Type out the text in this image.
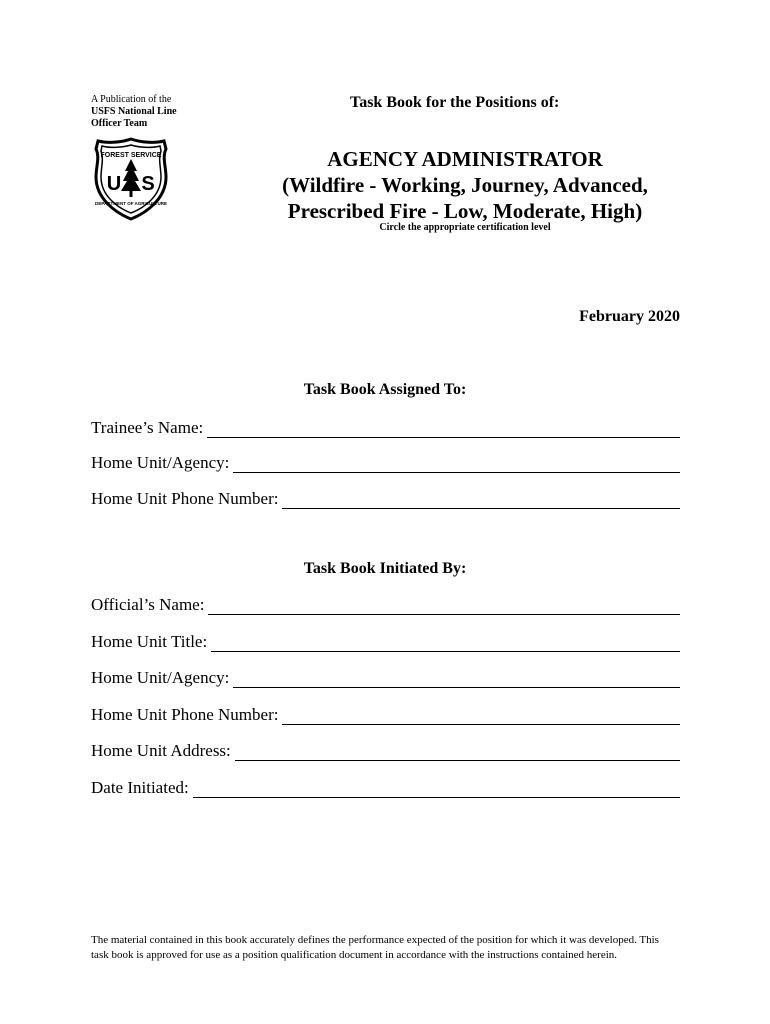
A Publication of the
USFS National Line
Officer Team
FOREST SERVICE
U S
DEPARTMENT OF AGRICULTURE
Task Book for the Positions of:
AGENCY ADMINISTRATOR
(Wildfire - Working, Journey, Advanced,
Prescribed Fire - Low, Moderate, High)
Circle the appropriate certification level
February 2020
Task Book Assigned To:
Trainee’s Name:
Home Unit/Agency:
Home Unit Phone Number:
Task Book Initiated By:
Official’s Name:
Home Unit Title:
Home Unit/Agency:
Home Unit Phone Number:
Home Unit Address:
Date Initiated:
The material contained in this book accurately defines the performance expected of the position for which it was developed. This task book is approved for use as a position qualification document in accordance with the instructions contained herein.
